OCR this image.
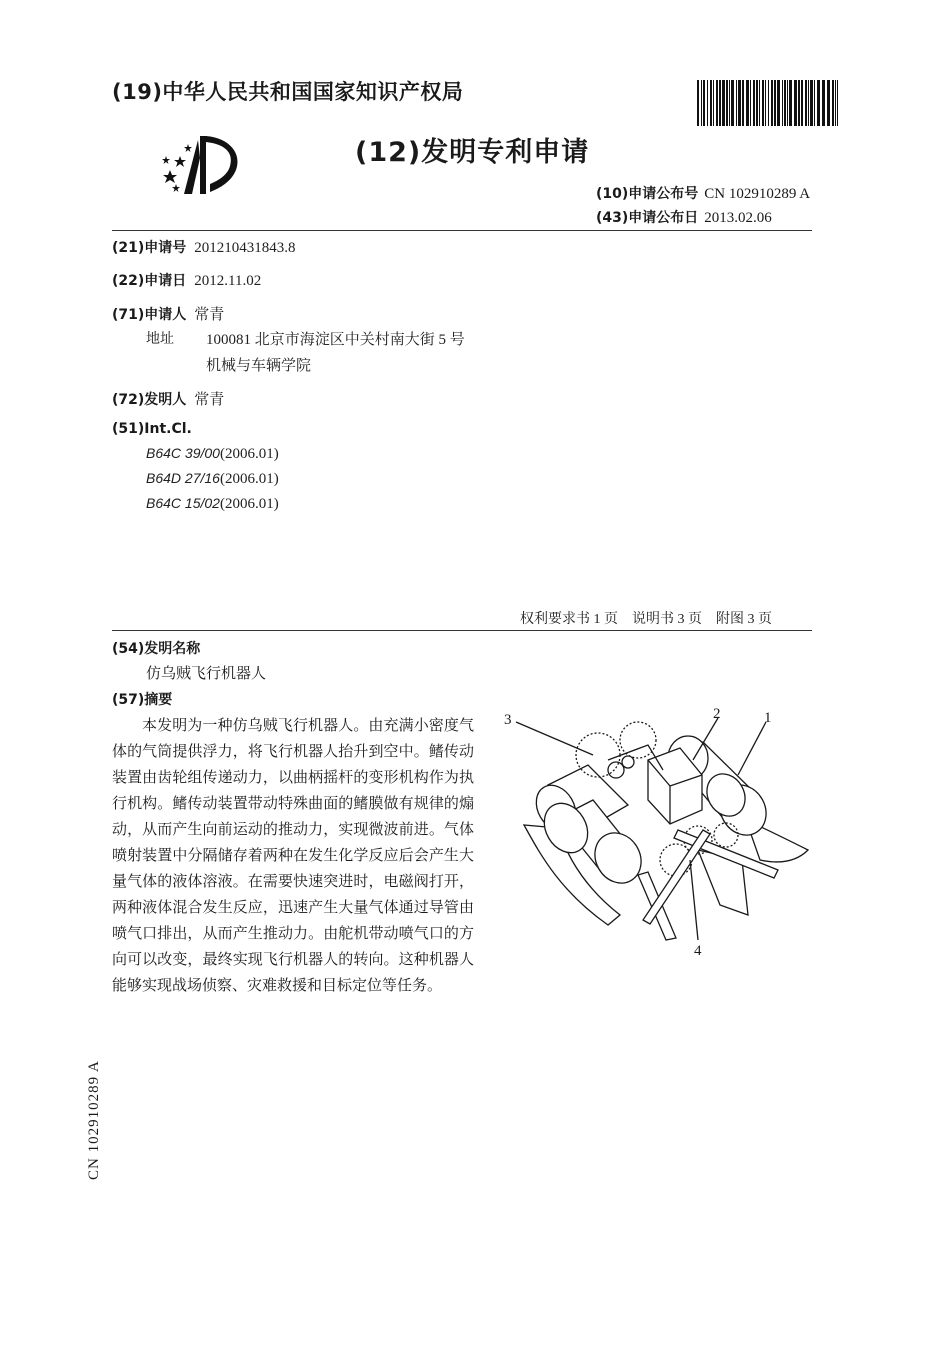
(19)中华人民共和国国家知识产权局
(12)发明专利申请
(10)申请公布号 CN 102910289 A
(43)申请公布日 2013.02.06
(21)申请号 201210431843.8
(22)申请日 2012.11.02
(71)申请人 常青
地址 100081 北京市海淀区中关村南大街 5 号机械与车辆学院
(72)发明人 常青
(51)Int.Cl.
B64C 39/00(2006.01)
B64D 27/16(2006.01)
B64C 15/02(2006.01)
权利要求书 1 页　说明书 3 页　附图 3 页
(54)发明名称
仿乌贼飞行机器人
(57)摘要

本发明为一种仿乌贼飞行机器人。由充满小密度气体的气筒提供浮力，将飞行机器人抬升到空中。鳍传动装置由齿轮组传递动力，以曲柄摇杆的变形机构作为执行机构。鳍传动装置带动特殊曲面的鳍膜做有规律的煽动，从而产生向前运动的推动力，实现微波前进。气体喷射装置中分隔储存着两种在发生化学反应后会产生大量气体的液体溶液。在需要快速突进时，电磁阀打开，两种液体混合发生反应，迅速产生大量气体通过导管由喷气口排出，从而产生推动力。由舵机带动喷气口的方向可以改变，最终实现飞行机器人的转向。这种机器人能够实现战场侦察、灾难救援和目标定位等任务。

3	2	1
4
CN 102910289 A
